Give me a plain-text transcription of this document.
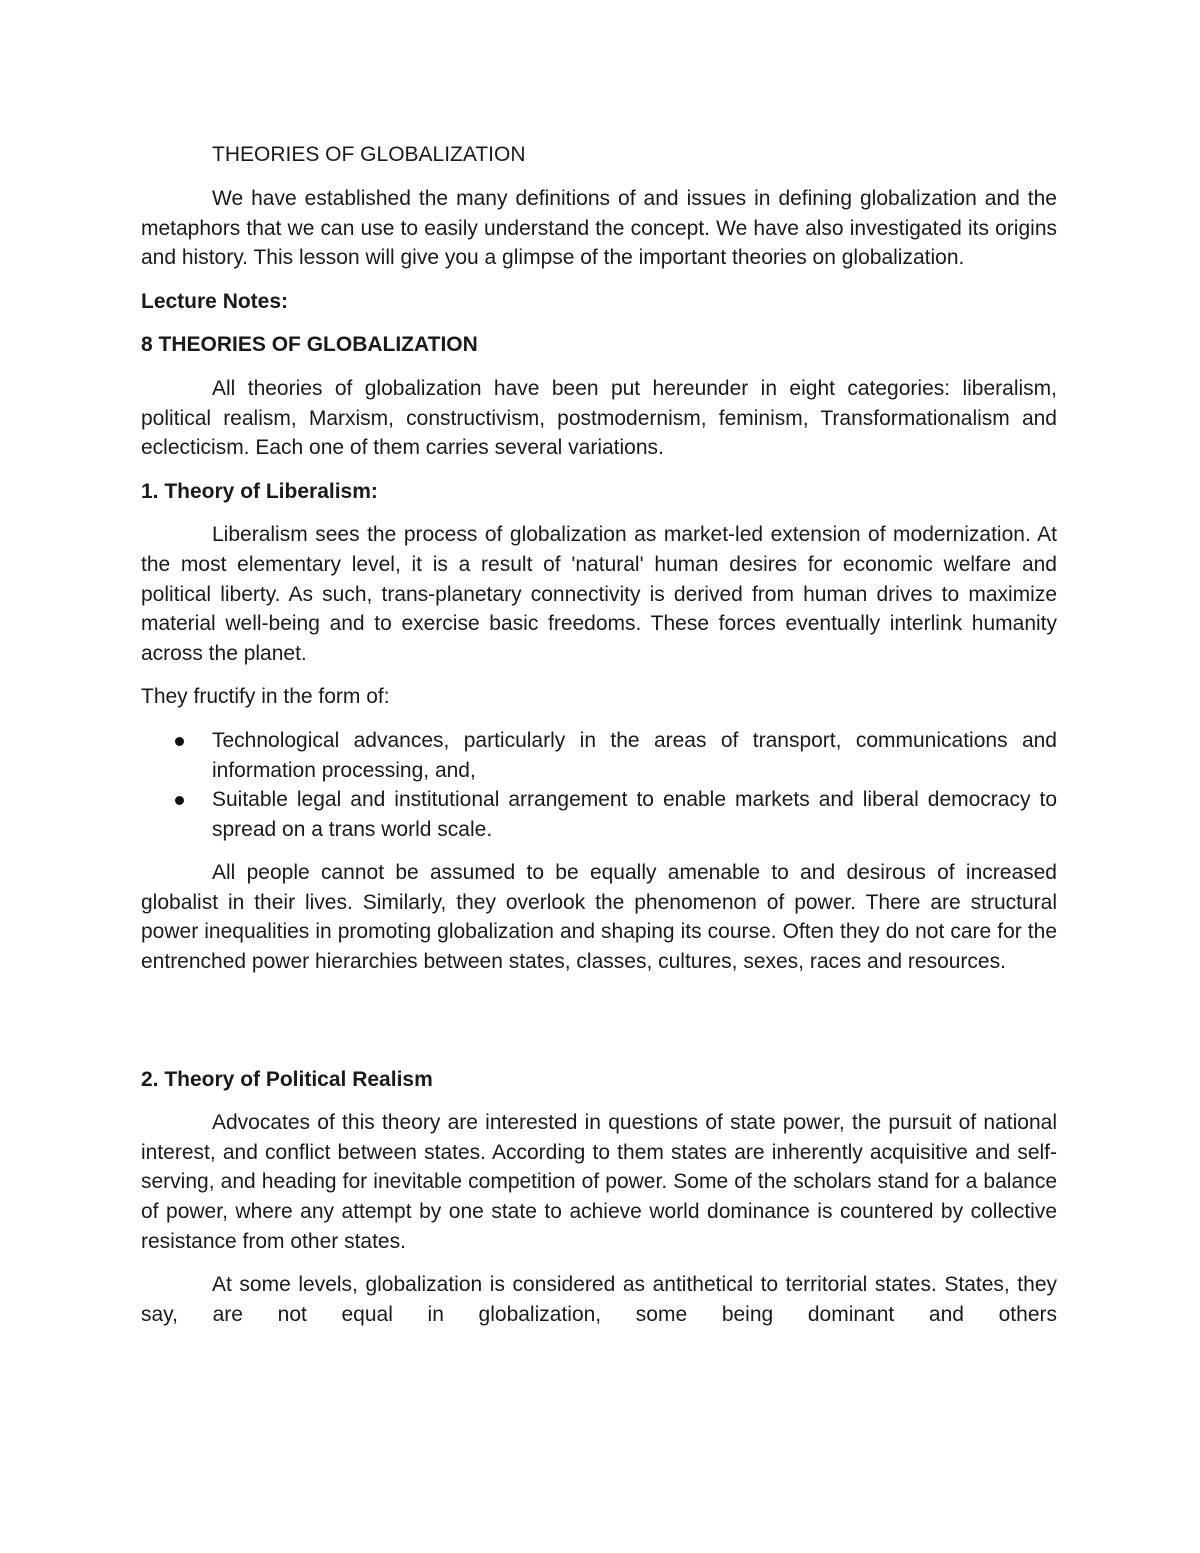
THEORIES OF GLOBALIZATION

We have established the many definitions of and issues in defining globalization and the metaphors that we can use to easily understand the concept. We have also investigated its origins and history. This lesson will give you a glimpse of the important theories on globalization.

Lecture Notes:
8 THEORIES OF GLOBALIZATION

All theories of globalization have been put hereunder in eight categories: liberalism, political realism, Marxism, constructivism, postmodernism, feminism, Transformationalism and eclecticism. Each one of them carries several variations.

1. Theory of Liberalism:

Liberalism sees the process of globalization as market-led extension of modernization. At the most elementary level, it is a result of 'natural' human desires for economic welfare and political liberty. As such, trans-planetary connectivity is derived from human drives to maximize material well-being and to exercise basic freedoms. These forces eventually interlink humanity across the planet.

They fructify in the form of:

Technological advances, particularly in the areas of transport, communications and information processing, and,
Suitable legal and institutional arrangement to enable markets and liberal democracy to spread on a trans world scale.

All people cannot be assumed to be equally amenable to and desirous of increased globalist in their lives. Similarly, they overlook the phenomenon of power. There are structural power inequalities in promoting globalization and shaping its course. Often they do not care for the entrenched power hierarchies between states, classes, cultures, sexes, races and resources.

2. Theory of Political Realism

Advocates of this theory are interested in questions of state power, the pursuit of national interest, and conflict between states. According to them states are inherently acquisitive and self-serving, and heading for inevitable competition of power. Some of the scholars stand for a balance of power, where any attempt by one state to achieve world dominance is countered by collective resistance from other states.

At some levels, globalization is considered as antithetical to territorial states. States, they say, are not equal in globalization, some being dominant and others
